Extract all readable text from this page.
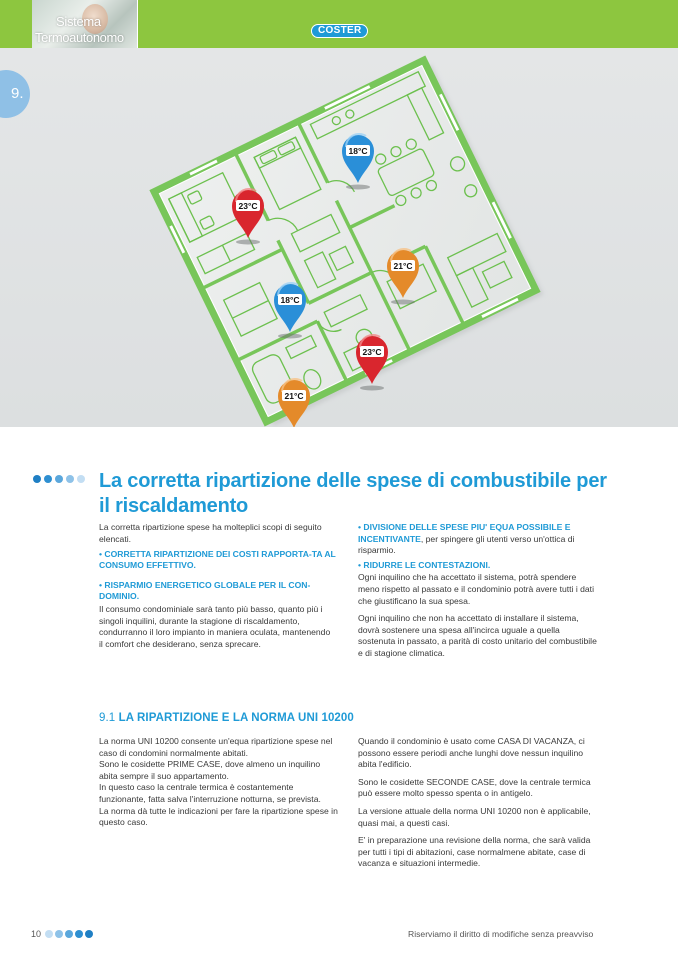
Sistema
Termoautonomo	COSTER
9.
18°C
23°C
21°C
18°C
23°C
21°C
La corretta ripartizione delle spese di combustibile per il riscaldamento

La corretta ripartizione spese ha molteplici scopi di seguito elencati.

• CORRETTA RIPARTIZIONE DEI COSTI RAPPORTA-TA AL CONSUMO EFFETTIVO.

• RISPARMIO ENERGETICO GLOBALE PER IL CON-DOMINIO.

Il consumo condominiale sarà tanto più basso, quanto più i singoli inquilini, durante la stagione di riscaldamento, condurranno il loro impianto in maniera oculata, mantenendo il comfort che desiderano, senza sprecare.

• DIVISIONE DELLE SPESE PIU' EQUA POSSIBILE E INCENTIVANTE, per spingere gli utenti verso un'ottica di risparmio.

• RIDURRE LE CONTESTAZIONI.

Ogni inquilino che ha accettato il sistema, potrà spendere meno rispetto al passato e il condominio potrà avere tutti i dati che giustificano la sua spesa.

Ogni inquilino che non ha accettato di installare il sistema, dovrà sostenere una spesa all'incirca uguale a quella sostenuta in passato, a parità di costo unitario del combustibile e di stagione climatica.

9.1 LA RIPARTIZIONE E LA NORMA UNI 10200

La norma UNI 10200 consente un'equa ripartizione spese nel caso di condomini normalmente abitati.

Sono le cosidette PRIME CASE, dove almeno un inquilino abita sempre il suo appartamento.

In questo caso la centrale termica è costantemente funzionante, fatta salva l'interruzione notturna, se prevista.

La norma dà tutte le indicazioni per fare la ripartizione spese in questo caso.

Quando il condominio è usato come CASA DI VACANZA, ci possono essere periodi anche lunghi dove nessun inquilino abita l'edificio.

Sono le cosidette SECONDE CASE, dove la centrale termica può essere molto spesso spenta o in antigelo.

La versione attuale della norma UNI 10200 non è applicabile, quasi mai, a questi casi.

E' in preparazione una revisione della norma, che sarà valida per tutti i tipi di abitazioni, case normalmene abitate, case di vacanza e situazioni intermedie.

10	Riserviamo il diritto di modifiche senza preavviso
